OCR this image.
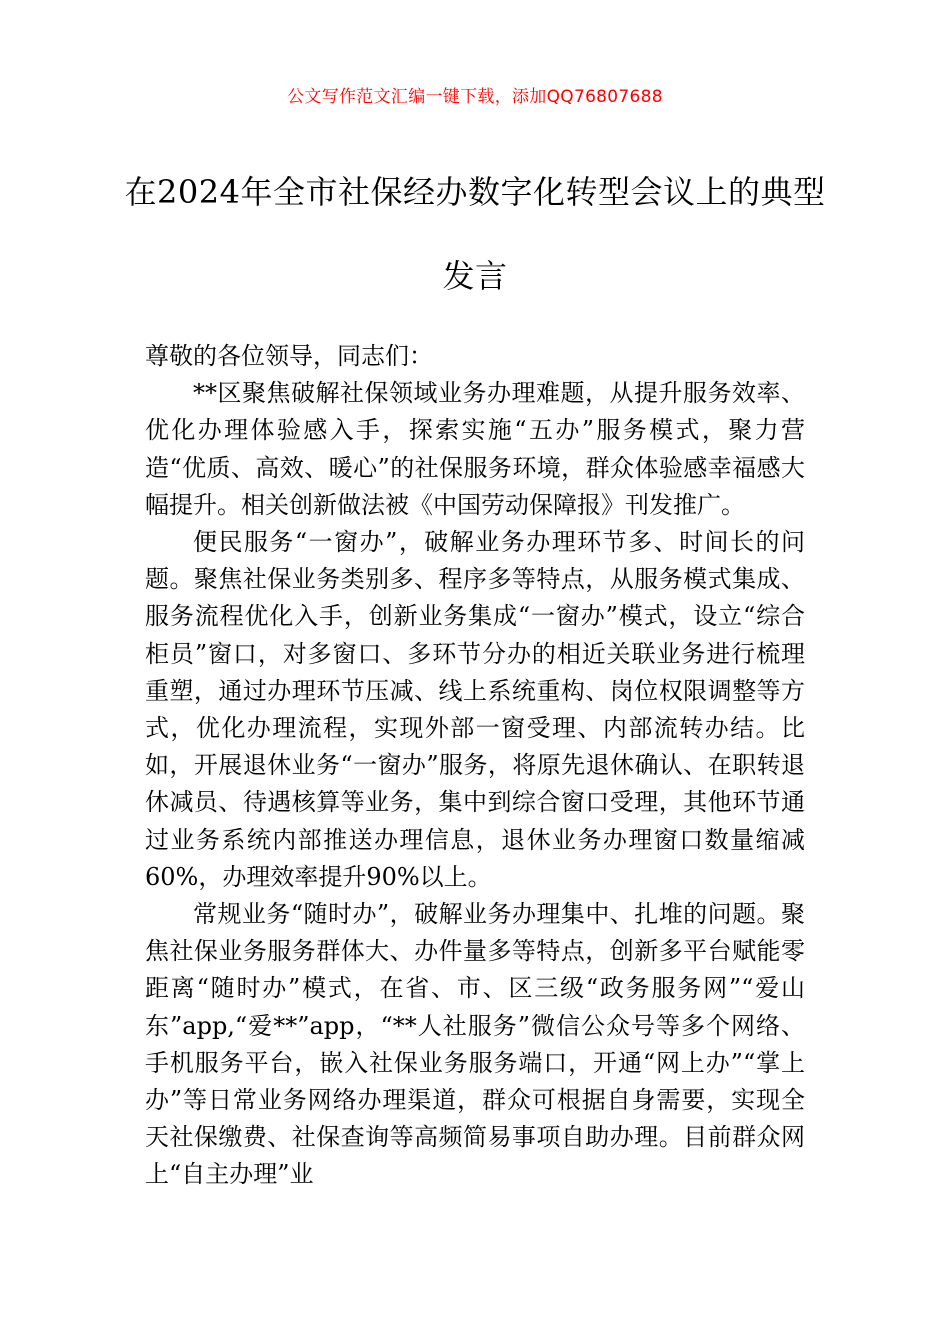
公文写作范文汇编一键下载，添加QQ76807688
在2024年全市社保经办数字化转型会议上的典型发言

尊敬的各位领导，同志们：

**区聚焦破解社保领域业务办理难题，从提升服务效率、优化办理体验感入手，探索实施“五办”服务模式，聚力营造“优质、高效、暖心”的社保服务环境，群众体验感幸福感大幅提升。相关创新做法被《中国劳动保障报》刊发推广。

便民服务“一窗办”，破解业务办理环节多、时间长的问题。聚焦社保业务类别多、程序多等特点，从服务模式集成、服务流程优化入手，创新业务集成“一窗办”模式，设立“综合柜员”窗口，对多窗口、多环节分办的相近关联业务进行梳理重塑，通过办理环节压减、线上系统重构、岗位权限调整等方式，优化办理流程，实现外部一窗受理、内部流转办结。比如，开展退休业务“一窗办”服务，将原先退休确认、在职转退休减员、待遇核算等业务，集中到综合窗口受理，其他环节通过业务系统内部推送办理信息，退休业务办理窗口数量缩减60%，办理效率提升90%以上。

常规业务“随时办”，破解业务办理集中、扎堆的问题。聚焦社保业务服务群体大、办件量多等特点，创新多平台赋能零距离“随时办”模式，在省、市、区三级“政务服务网”“爱山东”app,“爱**”app，“**人社服务”微信公众号等多个网络、手机服务平台，嵌入社保业务服务端口，开通“网上办”“掌上办”等日常业务网络办理渠道，群众可根据自身需要，实现全天社保缴费、社保查询等高频简易事项自助办理。目前群众网上“自主办理”业
